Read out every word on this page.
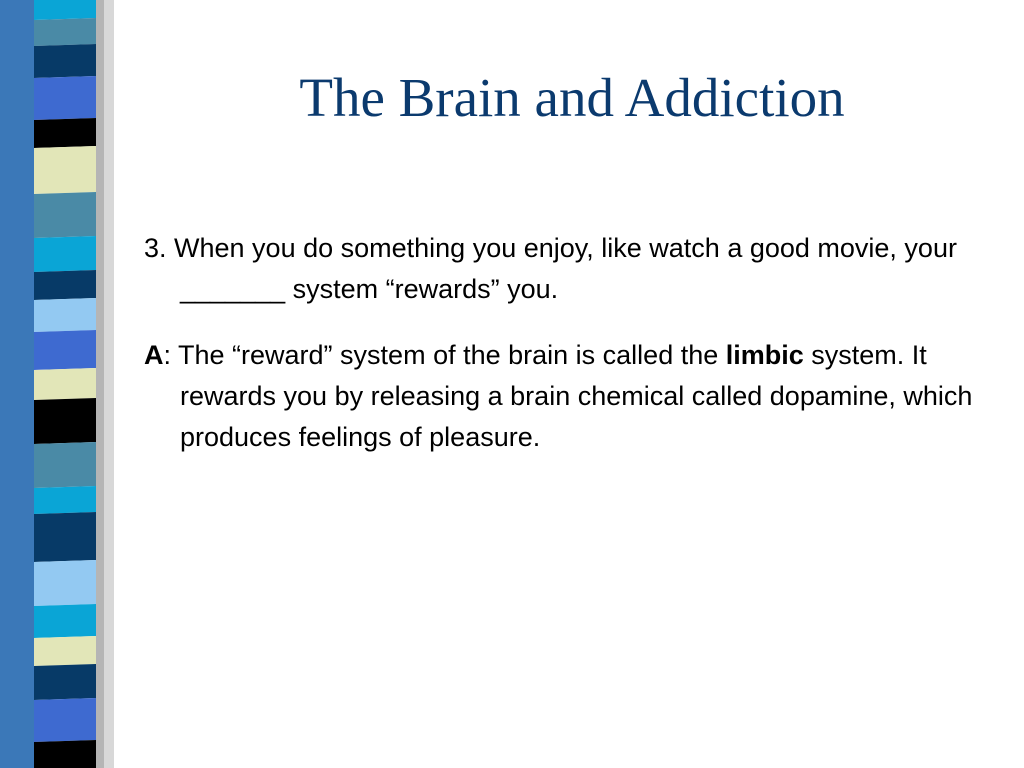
The Brain and Addiction

3. When you do something you enjoy, like watch a good movie, your _______ system “rewards” you.

A: The “reward” system of the brain is called the limbic system. It rewards you by releasing a brain chemical called dopamine, which produces feelings of pleasure.
